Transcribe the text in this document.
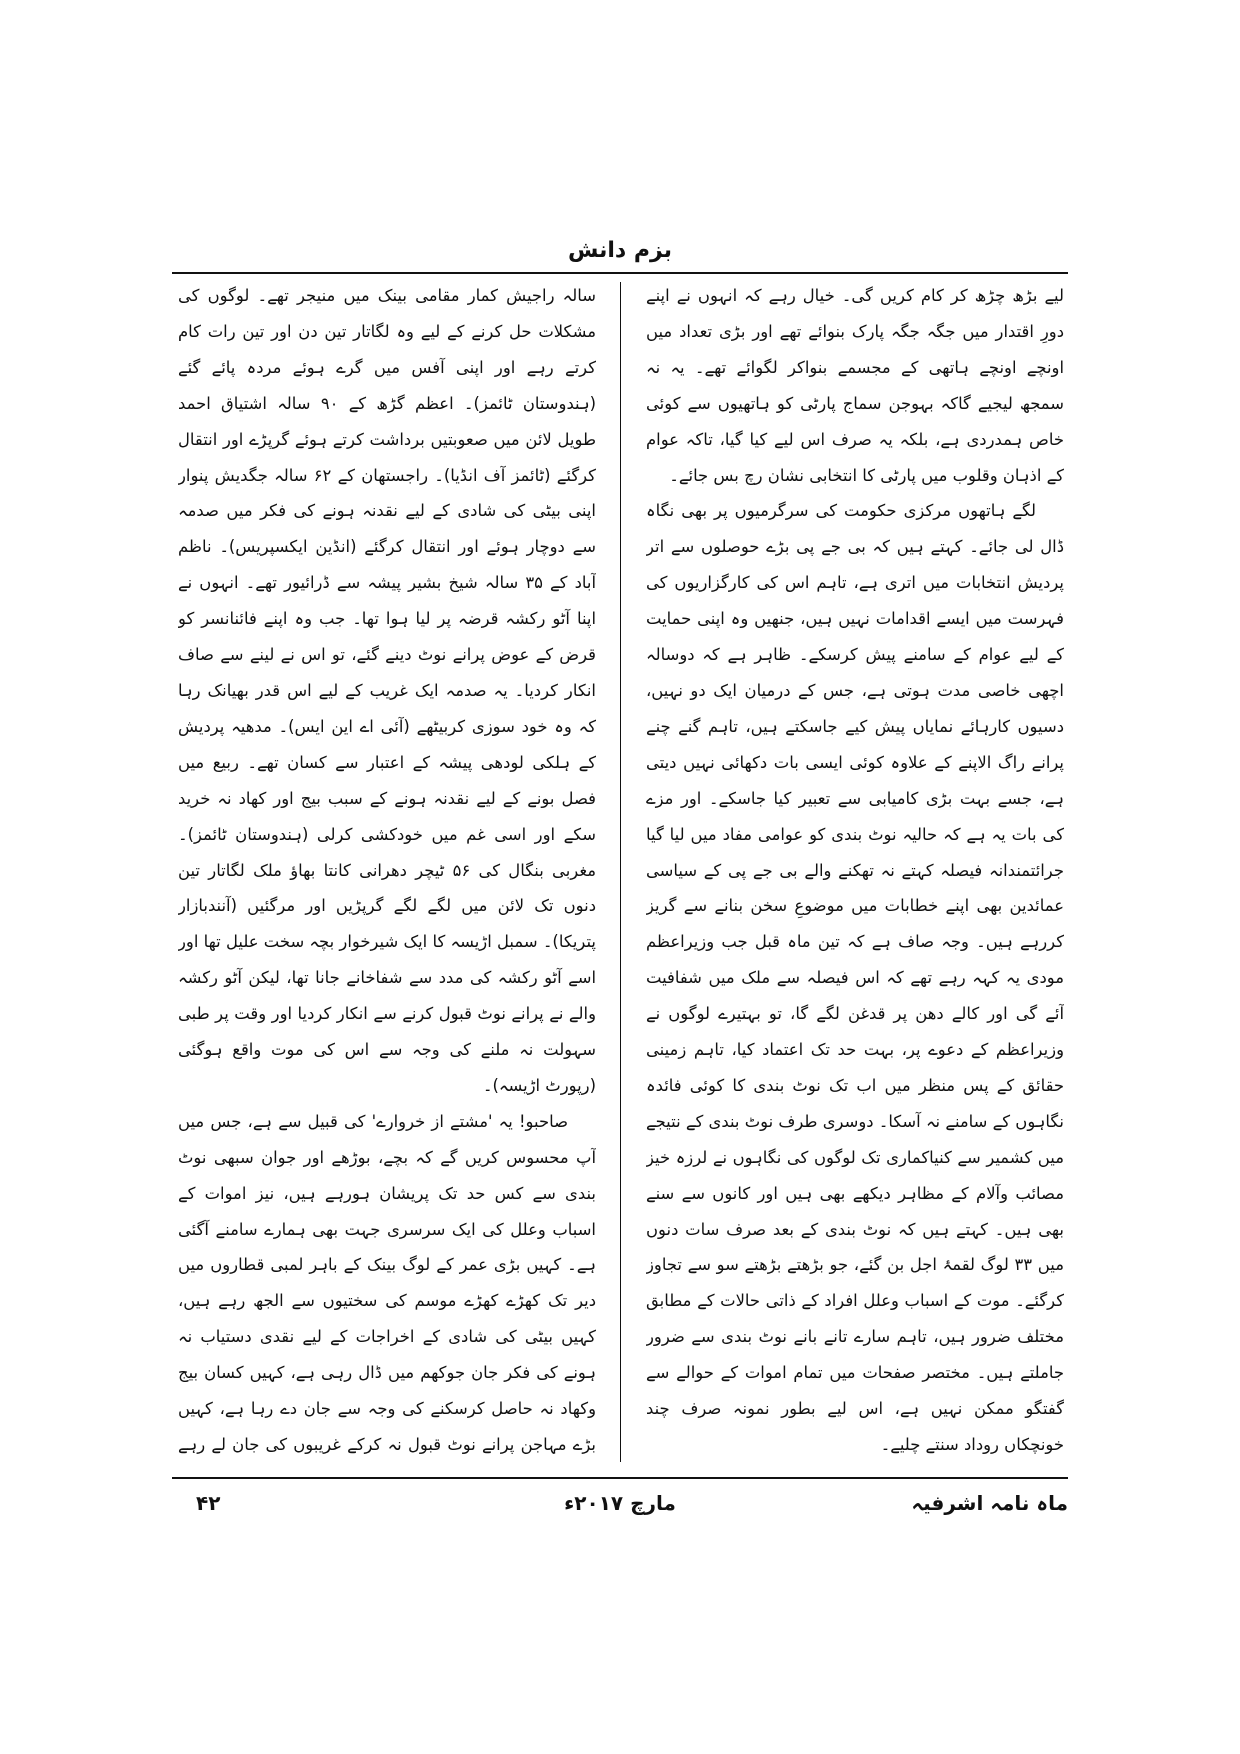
بزم دانش

لیے بڑھ چڑھ کر کام کریں گی۔ خیال رہے کہ انہوں نے اپنے دورِ اقتدار میں جگہ جگہ پارک بنوائے تھے اور بڑی تعداد میں اونچے اونچے ہاتھی کے مجسمے بنواکر لگوائے تھے۔ یہ نہ سمجھ لیجیے گاکہ بہوجن سماج پارٹی کو ہاتھیوں سے کوئی خاص ہمدردی ہے، بلکہ یہ صرف اس لیے کیا گیا، تاکہ عوام کے اذہان وقلوب میں پارٹی کا انتخابی نشان رچ بس جائے۔

لگے ہاتھوں مرکزی حکومت کی سرگرمیوں پر بھی نگاہ ڈال لی جائے۔ کہتے ہیں کہ بی جے پی بڑے حوصلوں سے اتر پردیش انتخابات میں اتری ہے، تاہم اس کی کارگزاریوں کی فہرست میں ایسے اقدامات نہیں ہیں، جنھیں وہ اپنی حمایت کے لیے عوام کے سامنے پیش کرسکے۔ ظاہر ہے کہ دوسالہ اچھی خاصی مدت ہوتی ہے، جس کے درمیان ایک دو نہیں، دسیوں کارہائے نمایاں پیش کیے جاسکتے ہیں، تاہم گنے چنے پرانے راگ الاپنے کے علاوہ کوئی ایسی بات دکھائی نہیں دیتی ہے، جسے بہت بڑی کامیابی سے تعبیر کیا جاسکے۔ اور مزے کی بات یہ ہے کہ حالیہ نوٹ بندی کو عوامی مفاد میں لیا گیا جرائتمندانہ فیصلہ کہتے نہ تھکنے والے بی جے پی کے سیاسی عمائدین بھی اپنے خطابات میں موضوعِ سخن بنانے سے گریز کررہے ہیں۔ وجہ صاف ہے کہ تین ماہ قبل جب وزیراعظم مودی یہ کہہ رہے تھے کہ اس فیصلہ سے ملک میں شفافیت آئے گی اور کالے دھن پر قدغن لگے گا، تو بہتیرے لوگوں نے وزیراعظم کے دعوے پر، بہت حد تک اعتماد کیا، تاہم زمینی حقائق کے پس منظر میں اب تک نوٹ بندی کا کوئی فائدہ نگاہوں کے سامنے نہ آسکا۔ دوسری طرف نوٹ بندی کے نتیجے میں کشمیر سے کنیاکماری تک لوگوں کی نگاہوں نے لرزہ خیز مصائب وآلام کے مظاہر دیکھے بھی ہیں اور کانوں سے سنے بھی ہیں۔ کہتے ہیں کہ نوٹ بندی کے بعد صرف سات دنوں میں ۳۳ لوگ لقمۂ اجل بن گئے، جو بڑھتے بڑھتے سو سے تجاوز کرگئے۔ موت کے اسباب وعلل افراد کے ذاتی حالات کے مطابق مختلف ضرور ہیں، تاہم سارے تانے بانے نوٹ بندی سے ضرور جاملتے ہیں۔ مختصر صفحات میں تمام اموات کے حوالے سے گفتگو ممکن نہیں ہے، اس لیے بطور نمونہ صرف چند خونچکاں روداد سنتے چلیے۔

سالہ راجیش کمار مقامی بینک میں منیجر تھے۔ لوگوں کی مشکلات حل کرنے کے لیے وہ لگاتار تین دن اور تین رات کام کرتے رہے اور اپنی آفس میں گرے ہوئے مردہ پائے گئے (ہندوستان ٹائمز)۔ اعظم گڑھ کے ۹۰ سالہ اشتیاق احمد طویل لائن میں صعوبتیں برداشت کرتے ہوئے گرپڑے اور انتقال کرگئے (ٹائمز آف انڈیا)۔ راجستھان کے ۶۲ سالہ جگدیش پنوار اپنی بیٹی کی شادی کے لیے نقدنہ ہونے کی فکر میں صدمہ سے دوچار ہوئے اور انتقال کرگئے (انڈین ایکسپریس)۔ ناظم آباد کے ۳۵ سالہ شیخ بشیر پیشہ سے ڈرائیور تھے۔ انہوں نے اپنا آٹو رکشہ قرضہ پر لیا ہوا تھا۔ جب وہ اپنے فائنانسر کو قرض کے عوض پرانے نوٹ دینے گئے، تو اس نے لینے سے صاف انکار کردیا۔ یہ صدمہ ایک غریب کے لیے اس قدر بھیانک رہا کہ وہ خود سوزی کربیٹھے (آئی اے این ایس)۔ مدھیہ پردیش کے ہلکی لودھی پیشہ کے اعتبار سے کسان تھے۔ ربیع میں فصل بونے کے لیے نقدنہ ہونے کے سبب بیج اور کھاد نہ خرید سکے اور اسی غم میں خودکشی کرلی (ہندوستان ٹائمز)۔ مغربی بنگال کی ۵۶ ٹیچر دھرانی کانتا بھاؤ ملک لگاتار تین دنوں تک لائن میں لگے لگے گرپڑیں اور مرگئیں (آنندبازار پتریکا)۔ سمبل اڑیسہ کا ایک شیرخوار بچہ سخت علیل تھا اور اسے آٹو رکشہ کی مدد سے شفاخانے جانا تھا، لیکن آٹو رکشہ والے نے پرانے نوٹ قبول کرنے سے انکار کردیا اور وقت پر طبی سہولت نہ ملنے کی وجہ سے اس کی موت واقع ہوگئی (رپورٹ اڑیسہ)۔

صاحبو! یہ 'مشتے از خروارے' کی قبیل سے ہے، جس میں آپ محسوس کریں گے کہ بچے، بوڑھے اور جوان سبھی نوٹ بندی سے کس حد تک پریشان ہورہے ہیں، نیز اموات کے اسباب وعلل کی ایک سرسری جہت بھی ہمارے سامنے آگئی ہے۔ کہیں بڑی عمر کے لوگ بینک کے باہر لمبی قطاروں میں دیر تک کھڑے کھڑے موسم کی سختیوں سے الجھ رہے ہیں، کہیں بیٹی کی شادی کے اخراجات کے لیے نقدی دستیاب نہ ہونے کی فکر جان جوکھم میں ڈال رہی ہے، کہیں کسان بیج وکھاد نہ حاصل کرسکنے کی وجہ سے جان دے رہا ہے، کہیں بڑے مہاجن پرانے نوٹ قبول نہ کرکے غریبوں کی جان لے رہے

ماہ نامہ اشرفیہ
مارچ ۲۰۱۷ء
۴۲
